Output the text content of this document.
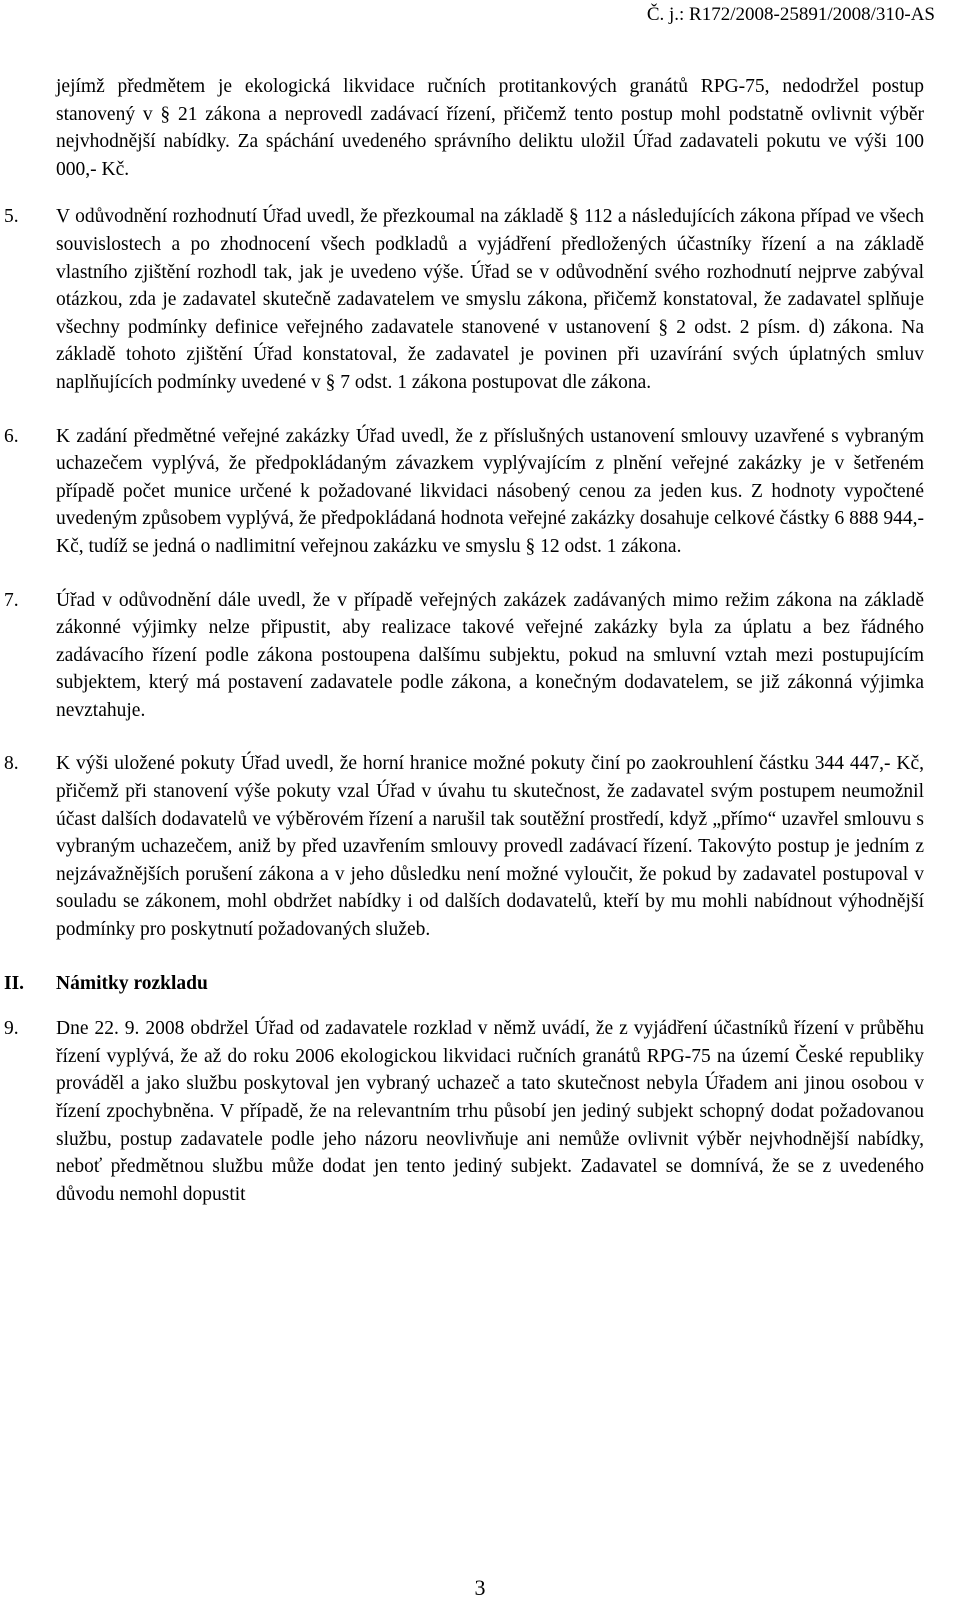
Č. j.: R172/2008-25891/2008/310-AS

jejímž předmětem je ekologická likvidace ručních protitankových granátů RPG-75, nedodržel postup stanovený v § 21 zákona a neprovedl zadávací řízení, přičemž tento postup mohl podstatně ovlivnit výběr nejvhodnější nabídky. Za spáchání uvedeného správního deliktu uložil Úřad zadavateli pokutu ve výši 100 000,- Kč.

5. V odůvodnění rozhodnutí Úřad uvedl, že přezkoumal na základě § 112 a následujících zákona případ ve všech souvislostech a po zhodnocení všech podkladů a vyjádření předložených účastníky řízení a na základě vlastního zjištění rozhodl tak, jak je uvedeno výše. Úřad se v odůvodnění svého rozhodnutí nejprve zabýval otázkou, zda je zadavatel skutečně zadavatelem ve smyslu zákona, přičemž konstatoval, že zadavatel splňuje všechny podmínky definice veřejného zadavatele stanovené v ustanovení § 2 odst. 2 písm. d) zákona. Na základě tohoto zjištění Úřad konstatoval, že zadavatel je povinen při uzavírání svých úplatných smluv naplňujících podmínky uvedené v § 7 odst. 1 zákona postupovat dle zákona.
6. K zadání předmětné veřejné zakázky Úřad uvedl, že z příslušných ustanovení smlouvy uzavřené s vybraným uchazečem vyplývá, že předpokládaným závazkem vyplývajícím z plnění veřejné zakázky je v šetřeném případě počet munice určené k požadované likvidaci násobený cenou za jeden kus. Z hodnoty vypočtené uvedeným způsobem vyplývá, že předpokládaná hodnota veřejné zakázky dosahuje celkové částky 6 888 944,- Kč, tudíž se jedná o nadlimitní veřejnou zakázku ve smyslu § 12 odst. 1 zákona.
7. Úřad v odůvodnění dále uvedl, že v případě veřejných zakázek zadávaných mimo režim zákona na základě zákonné výjimky nelze připustit, aby realizace takové veřejné zakázky byla za úplatu a bez řádného zadávacího řízení podle zákona postoupena dalšímu subjektu, pokud na smluvní vztah mezi postupujícím subjektem, který má postavení zadavatele podle zákona, a konečným dodavatelem, se již zákonná výjimka nevztahuje.
8. K výši uložené pokuty Úřad uvedl, že horní hranice možné pokuty činí po zaokrouhlení částku 344 447,- Kč, přičemž při stanovení výše pokuty vzal Úřad v úvahu tu skutečnost, že zadavatel svým postupem neumožnil účast dalších dodavatelů ve výběrovém řízení a narušil tak soutěžní prostředí, když „přímo“ uzavřel smlouvu s vybraným uchazečem, aniž by před uzavřením smlouvy provedl zadávací řízení. Takovýto postup je jedním z nejzávažnějších porušení zákona a v jeho důsledku není možné vyloučit, že pokud by zadavatel postupoval v souladu se zákonem, mohl obdržet nabídky i od dalších dodavatelů, kteří by mu mohli nabídnout výhodnější podmínky pro poskytnutí požadovaných služeb.
II. Námitky rozkladu
9. Dne 22. 9. 2008 obdržel Úřad od zadavatele rozklad v němž uvádí, že z vyjádření účastníků řízení v průběhu řízení vyplývá, že až do roku 2006 ekologickou likvidaci ručních granátů RPG-75 na území České republiky prováděl a jako službu poskytoval jen vybraný uchazeč a tato skutečnost nebyla Úřadem ani jinou osobou v řízení zpochybněna. V případě, že na relevantním trhu působí jen jediný subjekt schopný dodat požadovanou službu, postup zadavatele podle jeho názoru neovlivňuje ani nemůže ovlivnit výběr nejvhodnější nabídky, neboť předmětnou službu může dodat jen tento jediný subjekt. Zadavatel se domnívá, že se z uvedeného důvodu nemohl dopustit
3
